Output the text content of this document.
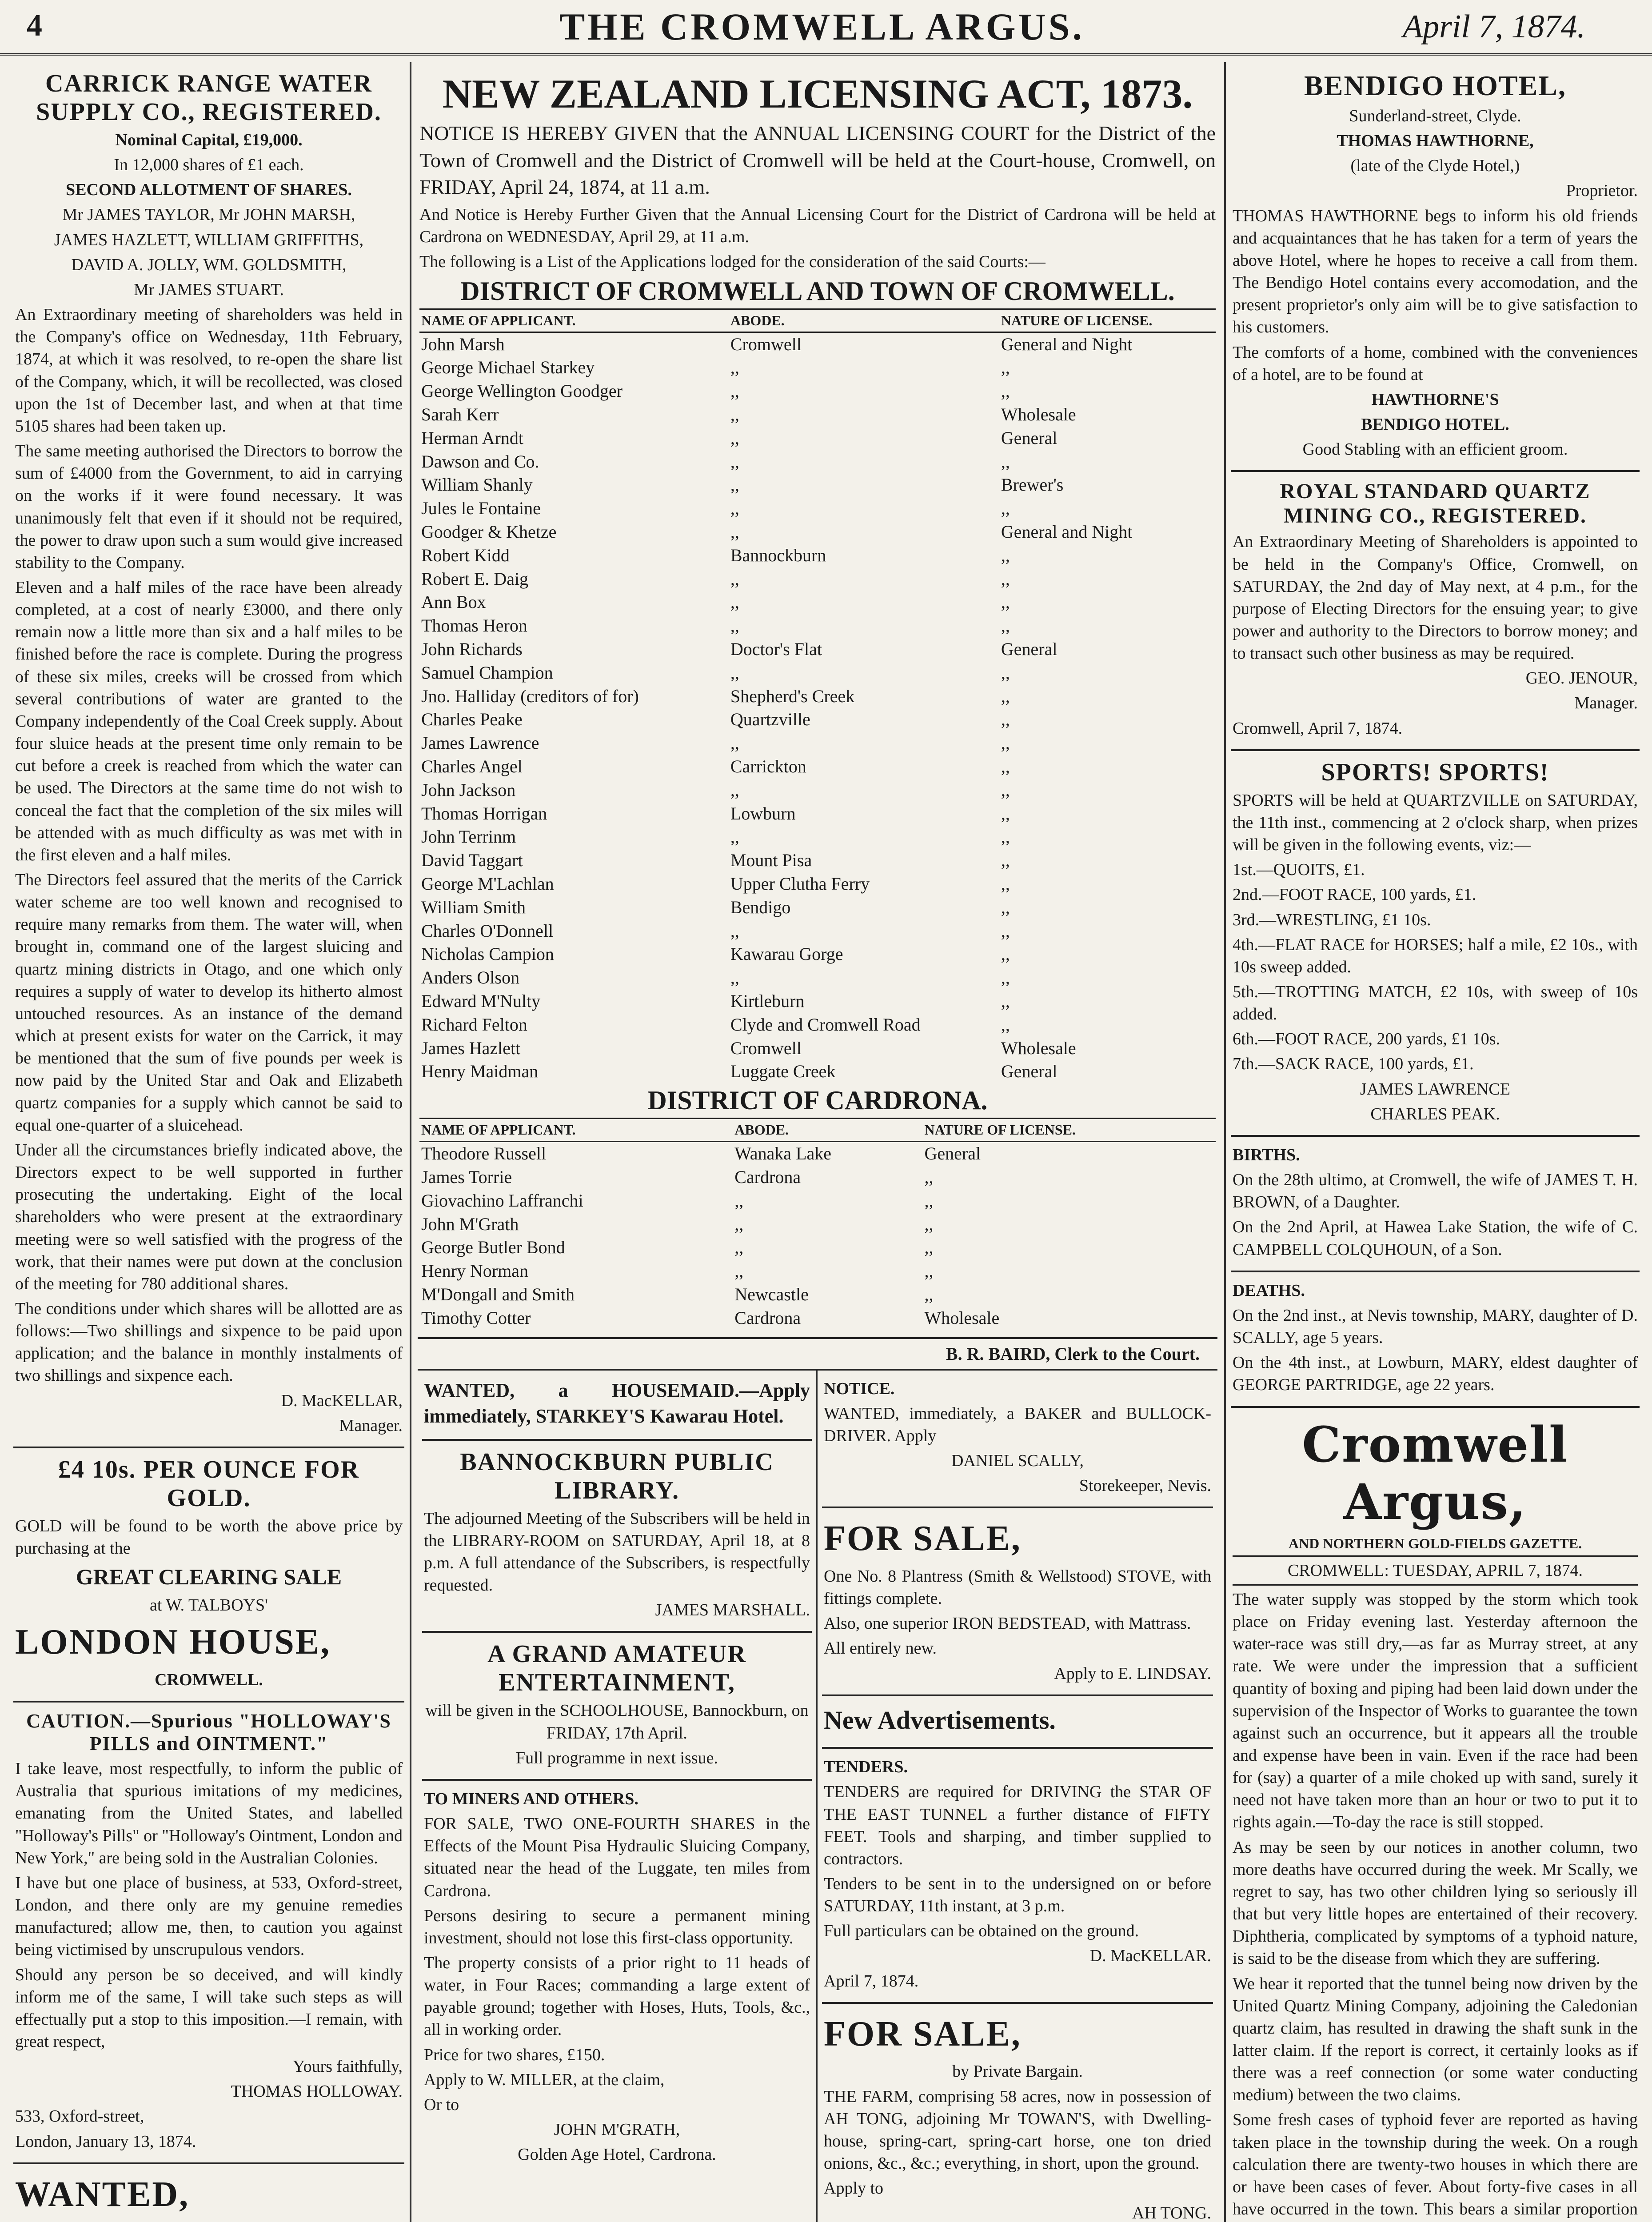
4	THE CROMWELL ARGUS.	April 7, 1874.
CARRICK RANGE WATER SUPPLY CO., REGISTERED.

Nominal Capital, £19,000.

In 12,000 shares of £1 each.

SECOND ALLOTMENT OF SHARES.

Mr JAMES TAYLOR, Mr JOHN MARSH,

JAMES HAZLETT, WILLIAM GRIFFITHS,

DAVID A. JOLLY, WM. GOLDSMITH,

Mr JAMES STUART.

An Extraordinary meeting of shareholders was held in the Company's office on Wednesday, 11th February, 1874, at which it was resolved, to re-open the share list of the Company, which, it will be recollected, was closed upon the 1st of December last, and when at that time 5105 shares had been taken up.

The same meeting authorised the Directors to borrow the sum of £4000 from the Government, to aid in carrying on the works if it were found necessary. It was unanimously felt that even if it should not be required, the power to draw upon such a sum would give increased stability to the Company.

Eleven and a half miles of the race have been already completed, at a cost of nearly £3000, and there only remain now a little more than six and a half miles to be finished before the race is complete. During the progress of these six miles, creeks will be crossed from which several contributions of water are granted to the Company independently of the Coal Creek supply. About four sluice heads at the present time only remain to be cut before a creek is reached from which the water can be used. The Directors at the same time do not wish to conceal the fact that the completion of the six miles will be attended with as much difficulty as was met with in the first eleven and a half miles.

The Directors feel assured that the merits of the Carrick water scheme are too well known and recognised to require many remarks from them. The water will, when brought in, command one of the largest sluicing and quartz mining districts in Otago, and one which only requires a supply of water to develop its hitherto almost untouched resources. As an instance of the demand which at present exists for water on the Carrick, it may be mentioned that the sum of five pounds per week is now paid by the United Star and Oak and Elizabeth quartz companies for a supply which cannot be said to equal one-quarter of a sluicehead.

Under all the circumstances briefly indicated above, the Directors expect to be well supported in further prosecuting the undertaking. Eight of the local shareholders who were present at the extraordinary meeting were so well satisfied with the progress of the work, that their names were put down at the conclusion of the meeting for 780 additional shares.

The conditions under which shares will be allotted are as follows:—Two shillings and sixpence to be paid upon application; and the balance in monthly instalments of two shillings and sixpence each.

D. MacKELLAR,

Manager.

£4 10s. PER OUNCE FOR GOLD.

GOLD will be found to be worth the above price by purchasing at the

GREAT CLEARING SALE

at W. TALBOYS'

LONDON HOUSE,

CROMWELL.

CAUTION.—Spurious "HOLLOWAY'S PILLS and OINTMENT."

I take leave, most respectfully, to inform the public of Australia that spurious imitations of my medicines, emanating from the United States, and labelled "Holloway's Pills" or "Holloway's Ointment, London and New York," are being sold in the Australian Colonies.

I have but one place of business, at 533, Oxford-street, London, and there only are my genuine remedies manufactured; allow me, then, to caution you against being victimised by unscrupulous vendors.

Should any person be so deceived, and will kindly inform me of the same, I will take such steps as will effectually put a stop to this imposition.—I remain, with great respect,

Yours faithfully,

THOMAS HOLLOWAY.

533, Oxford-street,

London, January 13, 1874.

WANTED,

NEW ZEALAND LICENSING ACT, 1873.

NOTICE IS HEREBY GIVEN that the ANNUAL LICENSING COURT for the District of the Town of Cromwell and the District of Cromwell will be held at the Court-house, Cromwell, on FRIDAY, April 24, 1874, at 11 a.m.

And Notice is Hereby Further Given that the Annual Licensing Court for the District of Cardrona will be held at Cardrona on WEDNESDAY, April 29, at 11 a.m.

The following is a List of the Applications lodged for the consideration of the said Courts:—

DISTRICT OF CROMWELL AND TOWN OF CROMWELL.
NAME OF APPLICANT.	ABODE.	NATURE OF LICENSE.
John Marsh	Cromwell	General and Night
George Michael Starkey	,,	,,
George Wellington Goodger	,,	,,
Sarah Kerr	,,	Wholesale
Herman Arndt	,,	General
Dawson and Co.	,,	,,
William Shanly	,,	Brewer's
Jules le Fontaine	,,	,,
Goodger & Khetze	,,	General and Night
Robert Kidd	Bannockburn	,,
Robert E. Daig	,,	,,
Ann Box	,,	,,
Thomas Heron	,,	,,
John Richards	Doctor's Flat	General
Samuel Champion	,,	,,
Jno. Halliday (creditors of for)	Shepherd's Creek	,,
Charles Peake	Quartzville	,,
James Lawrence	,,	,,
Charles Angel	Carrickton	,,
John Jackson	,,	,,
Thomas Horrigan	Lowburn	,,
John Terrinm	,,	,,
David Taggart	Mount Pisa	,,
George M'Lachlan	Upper Clutha Ferry	,,
William Smith	Bendigo	,,
Charles O'Donnell	,,	,,
Nicholas Campion	Kawarau Gorge	,,
Anders Olson	,,	,,
Edward M'Nulty	Kirtleburn	,,
Richard Felton	Clyde and Cromwell Road	,,
James Hazlett	Cromwell	Wholesale
Henry Maidman	Luggate Creek	General
DISTRICT OF CARDRONA.
NAME OF APPLICANT.	ABODE.	NATURE OF LICENSE.
Theodore Russell	Wanaka Lake	General
James Torrie	Cardrona	,,
Giovachino Laffranchi	,,	,,
John M'Grath	,,	,,
George Butler Bond	,,	,,
Henry Norman	,,	,,
M'Dongall and Smith	Newcastle	,,
Timothy Cotter	Cardrona	Wholesale
B. R. BAIRD, Clerk to the Court.

WANTED, a HOUSEMAID.—Apply immediately, STARKEY'S Kawarau Hotel.

BANNOCKBURN PUBLIC LIBRARY.

The adjourned Meeting of the Subscribers will be held in the LIBRARY-ROOM on SATURDAY, April 18, at 8 p.m. A full attendance of the Subscribers, is respectfully requested.

JAMES MARSHALL.

A GRAND AMATEUR ENTERTAINMENT,

will be given in the SCHOOLHOUSE, Bannockburn, on FRIDAY, 17th April.

Full programme in next issue.

TO MINERS AND OTHERS.

FOR SALE, TWO ONE-FOURTH SHARES in the Effects of the Mount Pisa Hydraulic Sluicing Company, situated near the head of the Luggate, ten miles from Cardrona.

Persons desiring to secure a permanent mining investment, should not lose this first-class opportunity.

The property consists of a prior right to 11 heads of water, in Four Races; commanding a large extent of payable ground; together with Hoses, Huts, Tools, &c., all in working order.

Price for two shares, £150.

Apply to W. MILLER, at the claim,

Or to

JOHN M'GRATH,

Golden Age Hotel, Cardrona.

NOTICE.

WANTED, immediately, a BAKER and BULLOCK-DRIVER. Apply

DANIEL SCALLY,

Storekeeper, Nevis.

FOR SALE,

One No. 8 Plantress (Smith & Wellstood) STOVE, with fittings complete.

Also, one superior IRON BEDSTEAD, with Mattrass.

All entirely new.

Apply to E. LINDSAY.

New Advertisements.

TENDERS.

TENDERS are required for DRIVING the STAR OF THE EAST TUNNEL a further distance of FIFTY FEET. Tools and sharping, and timber supplied to contractors.

Tenders to be sent in to the undersigned on or before SATURDAY, 11th instant, at 3 p.m.

Full particulars can be obtained on the ground.

D. MacKELLAR.

April 7, 1874.

FOR SALE,

by Private Bargain.

THE FARM, comprising 58 acres, now in possession of AH TONG, adjoining Mr TOWAN'S, with Dwelling-house, spring-cart, spring-cart horse, one ton dried onions, &c., &c.; everything, in short, upon the ground.

Apply to

AH TONG.

BENDIGO HOTEL,

Sunderland-street, Clyde.

THOMAS HAWTHORNE,

(late of the Clyde Hotel,)

Proprietor.

THOMAS HAWTHORNE begs to inform his old friends and acquaintances that he has taken for a term of years the above Hotel, where he hopes to receive a call from them. The Bendigo Hotel contains every accomodation, and the present proprietor's only aim will be to give satisfaction to his customers.

The comforts of a home, combined with the conveniences of a hotel, are to be found at

HAWTHORNE'S

BENDIGO HOTEL.

Good Stabling with an efficient groom.

ROYAL STANDARD QUARTZ MINING CO., REGISTERED.

An Extraordinary Meeting of Shareholders is appointed to be held in the Company's Office, Cromwell, on SATURDAY, the 2nd day of May next, at 4 p.m., for the purpose of Electing Directors for the ensuing year; to give power and authority to the Directors to borrow money; and to transact such other business as may be required.

GEO. JENOUR,

Manager.

Cromwell, April 7, 1874.

SPORTS! SPORTS!

SPORTS will be held at QUARTZVILLE on SATURDAY, the 11th inst., commencing at 2 o'clock sharp, when prizes will be given in the following events, viz:—

1st.—QUOITS, £1.

2nd.—FOOT RACE, 100 yards, £1.

3rd.—WRESTLING, £1 10s.

4th.—FLAT RACE for HORSES; half a mile, £2 10s., with 10s sweep added.

5th.—TROTTING MATCH, £2 10s, with sweep of 10s added.

6th.—FOOT RACE, 200 yards, £1 10s.

7th.—SACK RACE, 100 yards, £1.

JAMES LAWRENCE

CHARLES PEAK.

BIRTHS.

On the 28th ultimo, at Cromwell, the wife of JAMES T. H. BROWN, of a Daughter.

On the 2nd April, at Hawea Lake Station, the wife of C. CAMPBELL COLQUHOUN, of a Son.

DEATHS.

On the 2nd inst., at Nevis township, MARY, daughter of D. SCALLY, age 5 years.

On the 4th inst., at Lowburn, MARY, eldest daughter of GEORGE PARTRIDGE, age 22 years.

Cromwell Argus,

AND NORTHERN GOLD-FIELDS GAZETTE.

CROMWELL: TUESDAY, APRIL 7, 1874.

The water supply was stopped by the storm which took place on Friday evening last. Yesterday afternoon the water-race was still dry,—as far as Murray street, at any rate. We were under the impression that a sufficient quantity of boxing and piping had been laid down under the supervision of the Inspector of Works to guarantee the town against such an occurrence, but it appears all the trouble and expense have been in vain. Even if the race had been for (say) a quarter of a mile choked up with sand, surely it need not have taken more than an hour or two to put it to rights again.—To-day the race is still stopped.

As may be seen by our notices in another column, two more deaths have occurred during the week. Mr Scally, we regret to say, has two other children lying so seriously ill that but very little hopes are entertained of their recovery. Diphtheria, complicated by symptoms of a typhoid nature, is said to be the disease from which they are suffering.

We hear it reported that the tunnel being now driven by the United Quartz Mining Company, adjoining the Caledonian quartz claim, has resulted in drawing the shaft sunk in the latter claim. If the report is correct, it certainly looks as if there was a reef connection (or some water conducting medium) between the two claims.

Some fresh cases of typhoid fever are reported as having taken place in the township during the week. On a rough calculation there are twenty-two houses in which there are or have been cases of fever. About forty-five cases in all have occurred in the town. This bears a similar proportion
